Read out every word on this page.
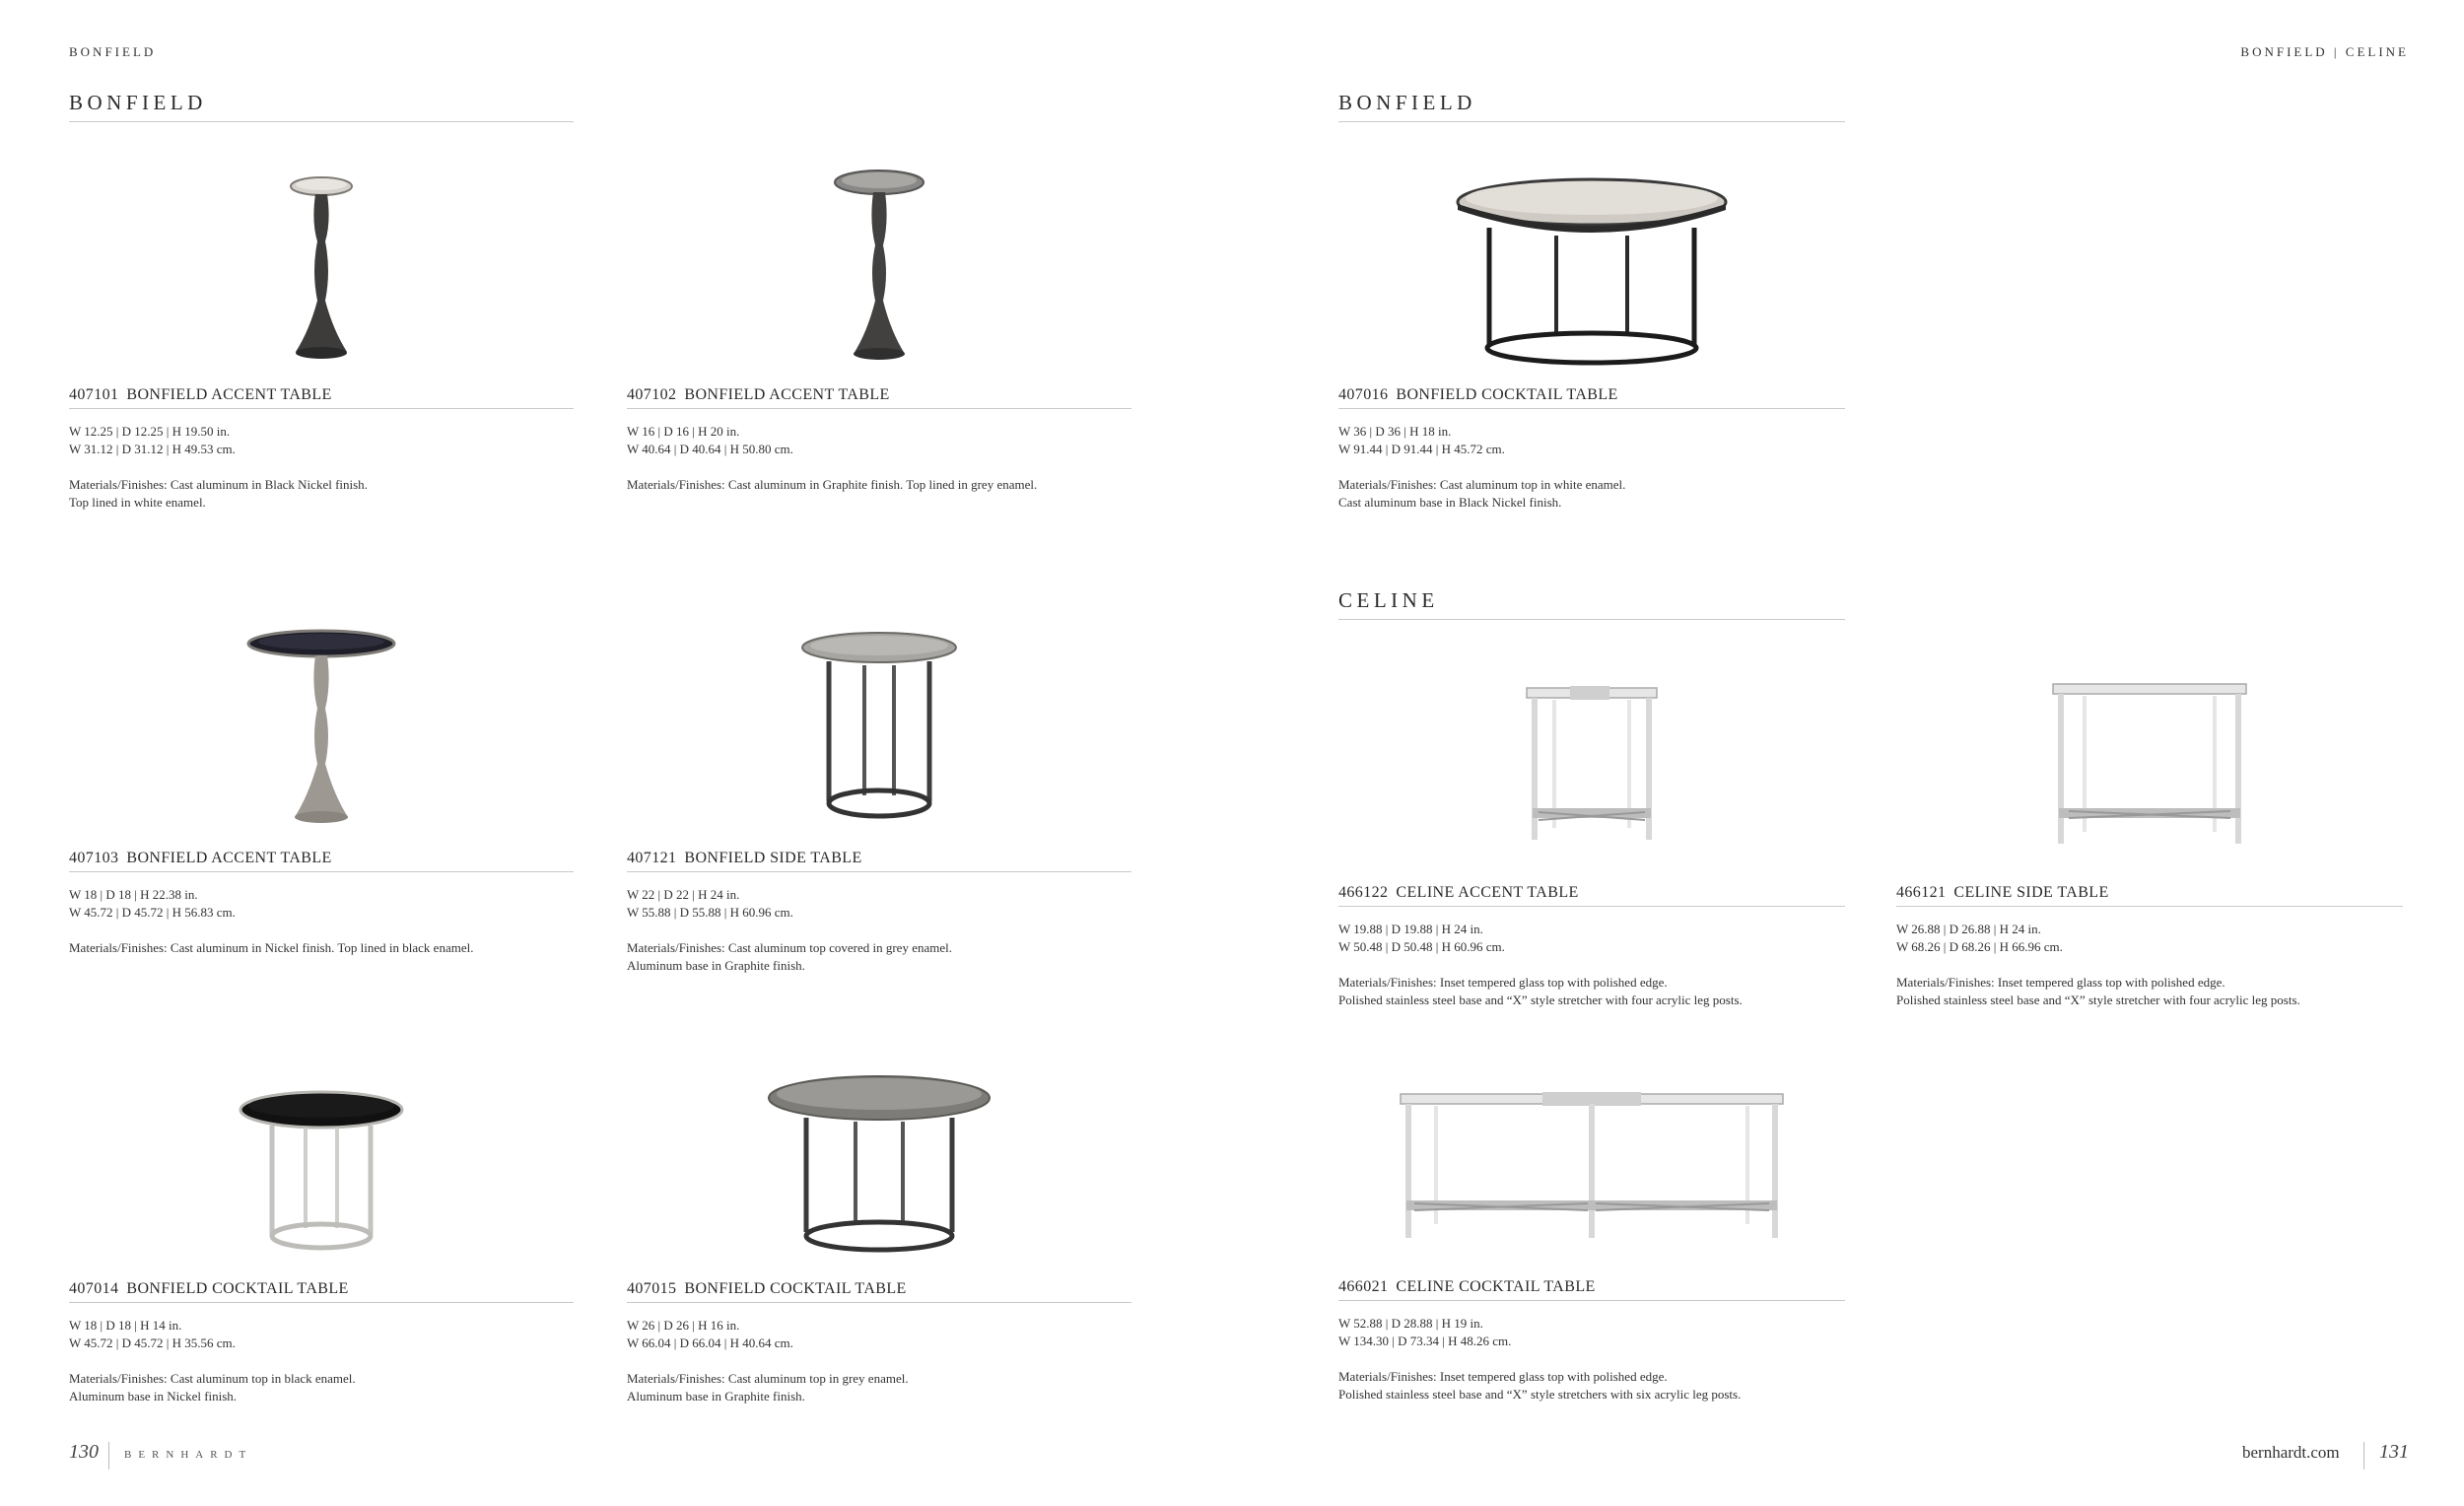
BONFIELD	BONFIELD | CELINE
BONFIELD	BONFIELD
CELINE
407101 BONFIELD ACCENT TABLE
W 12.25 | D 12.25 | H 19.50 in.
W 31.12 | D 31.12 | H 49.53 cm.
Materials/Finishes: Cast aluminum in Black Nickel finish.
Top lined in white enamel.
407102 BONFIELD ACCENT TABLE
W 16 | D 16 | H 20 in.
W 40.64 | D 40.64 | H 50.80 cm.
Materials/Finishes: Cast aluminum in Graphite finish. Top lined in grey enamel.
407103 BONFIELD ACCENT TABLE
W 18 | D 18 | H 22.38 in.
W 45.72 | D 45.72 | H 56.83 cm.
Materials/Finishes: Cast aluminum in Nickel finish. Top lined in black enamel.
407121 BONFIELD SIDE TABLE
W 22 | D 22 | H 24 in.
W 55.88 | D 55.88 | H 60.96 cm.
Materials/Finishes: Cast aluminum top covered in grey enamel.
Aluminum base in Graphite finish.
407014 BONFIELD COCKTAIL TABLE
W 18 | D 18 | H 14 in.
W 45.72 | D 45.72 | H 35.56 cm.
Materials/Finishes: Cast aluminum top in black enamel.
Aluminum base in Nickel finish.
407015 BONFIELD COCKTAIL TABLE
W 26 | D 26 | H 16 in.
W 66.04 | D 66.04 | H 40.64 cm.
Materials/Finishes: Cast aluminum top in grey enamel.
Aluminum base in Graphite finish.
407016 BONFIELD COCKTAIL TABLE
W 36 | D 36 | H 18 in.
W 91.44 | D 91.44 | H 45.72 cm.
Materials/Finishes: Cast aluminum top in white enamel.
Cast aluminum base in Black Nickel finish.
466122 CELINE ACCENT TABLE
W 19.88 | D 19.88 | H 24 in.
W 50.48 | D 50.48 | H 60.96 cm.
Materials/Finishes: Inset tempered glass top with polished edge.
Polished stainless steel base and “X” style stretcher with four acrylic leg posts.
466121 CELINE SIDE TABLE
W 26.88 | D 26.88 | H 24 in.
W 68.26 | D 68.26 | H 66.96 cm.
Materials/Finishes: Inset tempered glass top with polished edge.
Polished stainless steel base and “X” style stretcher with four acrylic leg posts.
466021 CELINE COCKTAIL TABLE
W 52.88 | D 28.88 | H 19 in.
W 134.30 | D 73.34 | H 48.26 cm.
Materials/Finishes: Inset tempered glass top with polished edge.
Polished stainless steel base and “X” style stretchers with six acrylic leg posts.
130 BERNHARDT	bernhardt.com 131
